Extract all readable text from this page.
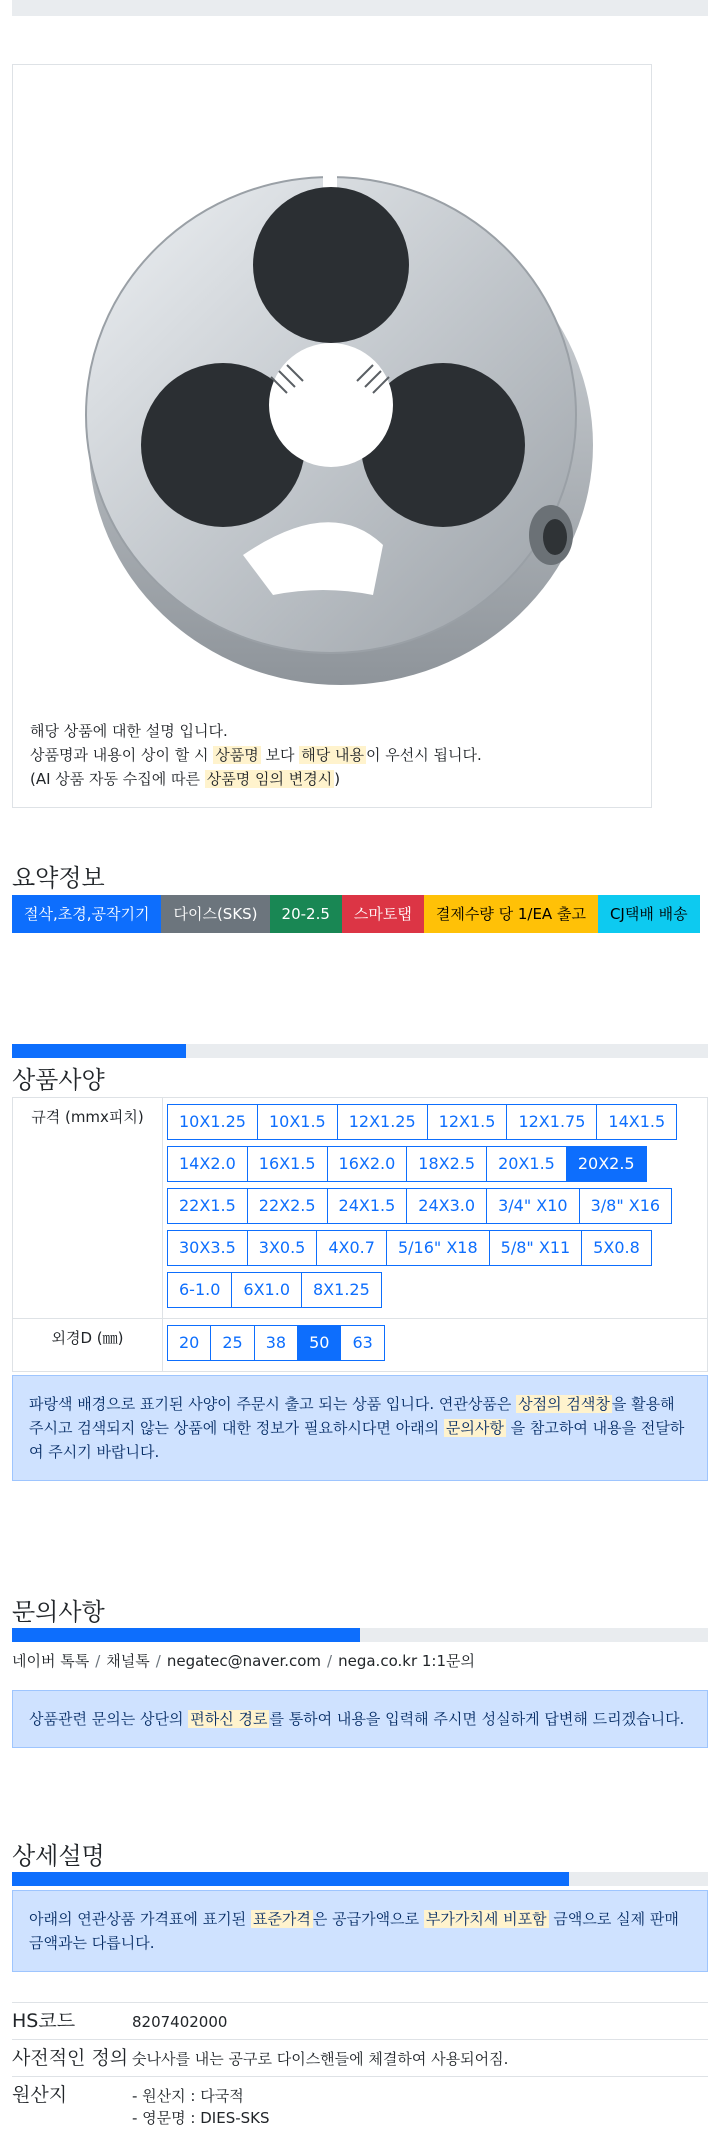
해당 상품에 대한 설명 입니다.
상품명과 내용이 상이 할 시 상품명 보다 해당 내용 이 우선시 됩니다.
(AI 상품 자동 수집에 따른 상품명 임의 변경시 )
요약정보
절삭,초경,공작기기	다이스(SKS)	20-2.5	스마토탭	결제수량 당 1/EA 출고	CJ택배 배송
상품사양
규격 (mmx피치)	10X1.25	10X1.5	12X1.25	12X1.5	12X1.75	14X1.5
14X2.0	16X1.5	16X2.0	18X2.5	20X1.5	20X2.5
22X1.5	22X2.5	24X1.5	24X3.0	3/4" X10	3/8" X16
30X3.5	3X0.5	4X0.7	5/16" X18	5/8" X11	5X0.8
6-1.0	6X1.0	8X1.25
외경D (㎜)	20	25	38	50	63
파랑색 배경으로 표기된 사양이 주문시 출고 되는 상품 입니다. 연관상품은 상점의 검색창 을 활용해 주시고 검색되지 않는 상품에 대한 정보가 필요하시다면 아래의 문의사항 을 참고하여 내용을 전달하여 주시기 바랍니다.
문의사항
네이버 톡톡 / 채널톡 / negatec@naver.com / nega.co.kr 1:1문의
상품관련 문의는 상단의 편하신 경로 를 통하여 내용을 입력해 주시면 성실하게 답변해 드리겠습니다.
상세설명
아래의 연관상품 가격표에 표기된 표준가격 은 공급가액으로 부가가치세 비포함 금액으로 실제 판매금액과는 다릅니다.
HS코드	8207402000
사전적인 정의 숫나사를 내는 공구로 다이스핸들에 체결하여 사용되어짐.
원산지	- 원산지 : 다국적
- 영문명 : DIES-SKS
